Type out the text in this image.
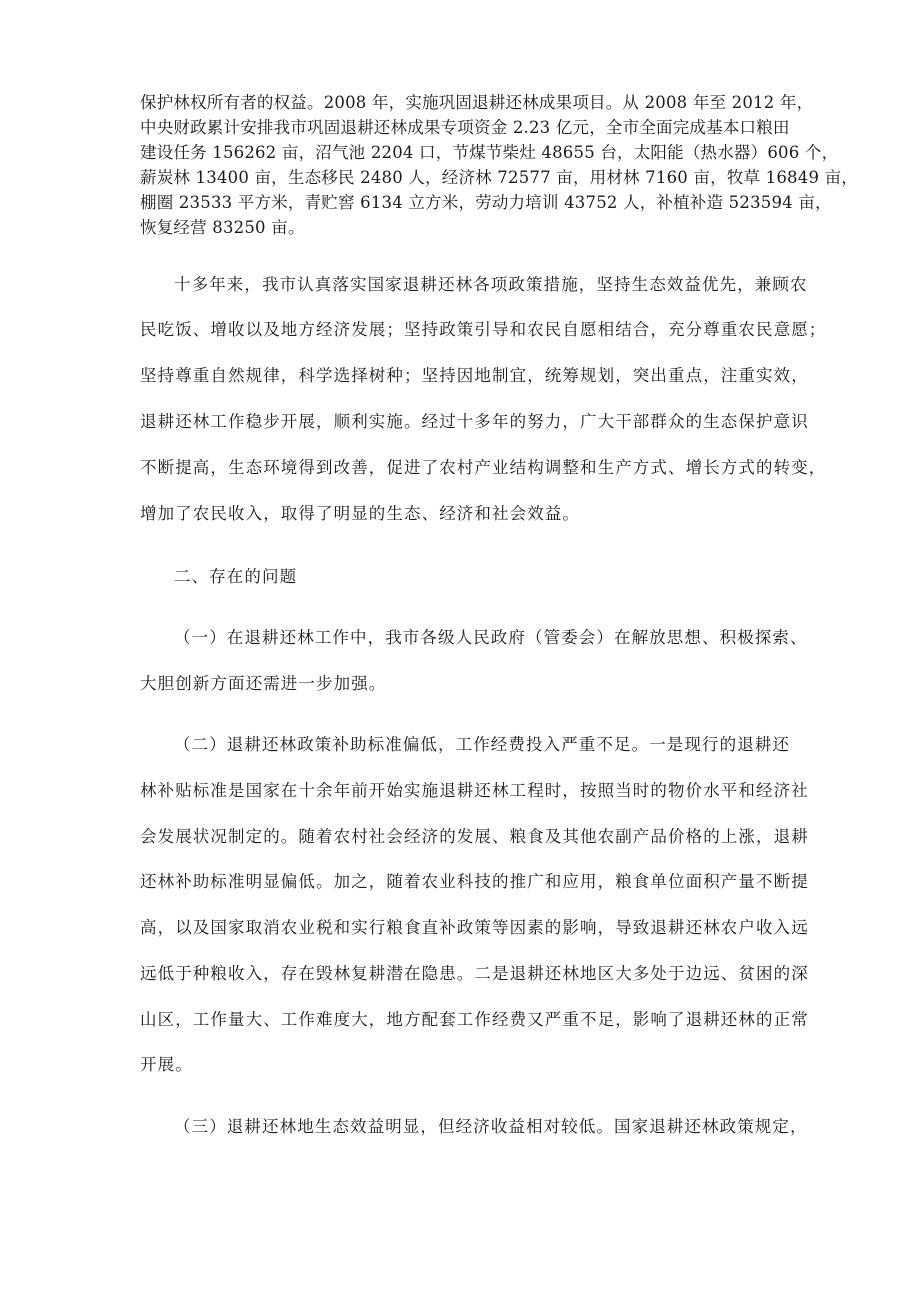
保护林权所有者的权益。2008 年，实施巩固退耕还林成果项目。从 2008 年至 2012 年，
中央财政累计安排我市巩固退耕还林成果专项资金 2.23 亿元，全市全面完成基本口粮田
建设任务 156262 亩，沼气池 2204 口，节煤节柴灶 48655 台，太阳能（热水器）606 个，
薪炭林 13400 亩，生态移民 2480 人，经济林 72577 亩，用材林 7160 亩，牧草 16849 亩，
棚圈 23533 平方米，青贮窖 6134 立方米，劳动力培训 43752 人，补植补造 523594 亩，
恢复经营 83250 亩。
十多年来，我市认真落实国家退耕还林各项政策措施，坚持生态效益优先，兼顾农
民吃饭、增收以及地方经济发展；坚持政策引导和农民自愿相结合，充分尊重农民意愿；
坚持尊重自然规律，科学选择树种；坚持因地制宜，统筹规划，突出重点，注重实效，
退耕还林工作稳步开展，顺利实施。经过十多年的努力，广大干部群众的生态保护意识
不断提高，生态环境得到改善，促进了农村产业结构调整和生产方式、增长方式的转变，
增加了农民收入，取得了明显的生态、经济和社会效益。
二、存在的问题
（一）在退耕还林工作中，我市各级人民政府（管委会）在解放思想、积极探索、
大胆创新方面还需进一步加强。
（二）退耕还林政策补助标准偏低，工作经费投入严重不足。一是现行的退耕还
林补贴标准是国家在十余年前开始实施退耕还林工程时，按照当时的物价水平和经济社
会发展状况制定的。随着农村社会经济的发展、粮食及其他农副产品价格的上涨，退耕
还林补助标准明显偏低。加之，随着农业科技的推广和应用，粮食单位面积产量不断提
高，以及国家取消农业税和实行粮食直补政策等因素的影响，导致退耕还林农户收入远
远低于种粮收入，存在毁林复耕潜在隐患。二是退耕还林地区大多处于边远、贫困的深
山区，工作量大、工作难度大，地方配套工作经费又严重不足，影响了退耕还林的正常
开展。
（三）退耕还林地生态效益明显，但经济收益相对较低。国家退耕还林政策规定，
